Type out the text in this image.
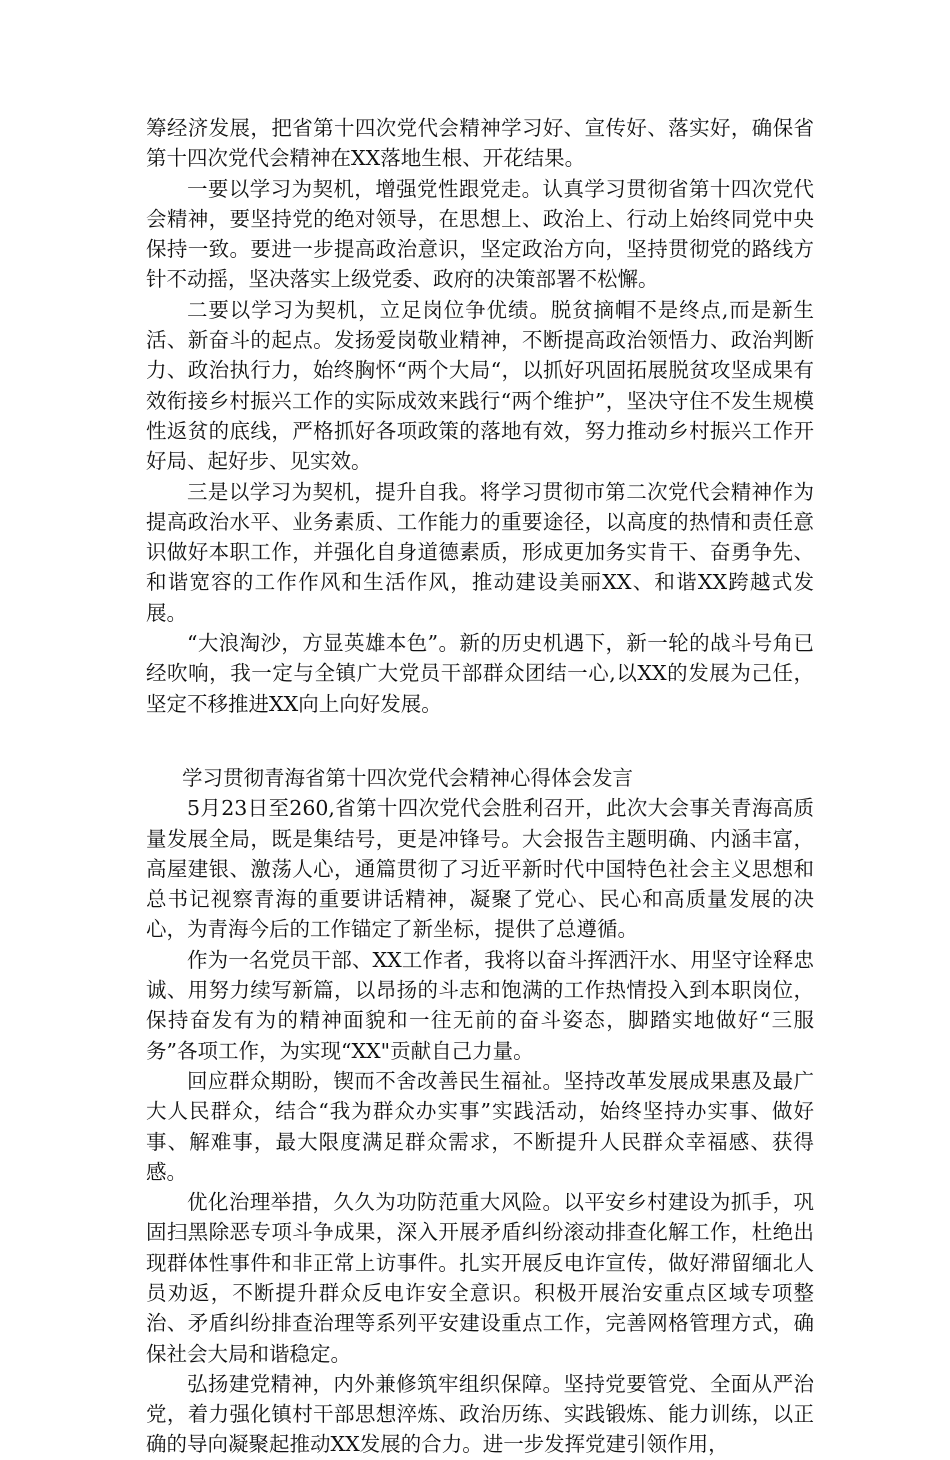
筹经济发展，把省第十四次党代会精神学习好、宣传好、落实好，确保省第十四次党代会精神在XX落地生根、开花结果。

一要以学习为契机，增强党性跟党走。认真学习贯彻省第十四次党代会精神，要坚持党的绝对领导，在思想上、政治上、行动上始终同党中央保持一致。要进一步提高政治意识，坚定政治方向，坚持贯彻党的路线方针不动摇，坚决落实上级党委、政府的决策部署不松懈。

二要以学习为契机，立足岗位争优绩。脱贫摘帽不是终点,而是新生活、新奋斗的起点。发扬爱岗敬业精神，不断提高政治领悟力、政治判断力、政治执行力，始终胸怀“两个大局“，以抓好巩固拓展脱贫攻坚成果有效衔接乡村振兴工作的实际成效来践行“两个维护”，坚决守住不发生规模性返贫的底线，严格抓好各项政策的落地有效，努力推动乡村振兴工作开好局、起好步、见实效。

三是以学习为契机，提升自我。将学习贯彻市第二次党代会精神作为提高政治水平、业务素质、工作能力的重要途径，以高度的热情和责任意识做好本职工作，并强化自身道德素质，形成更加务实肯干、奋勇争先、和谐宽容的工作作风和生活作风，推动建设美丽XX、和谐XX跨越式发展。

“大浪淘沙，方显英雄本色”。新的历史机遇下，新一轮的战斗号角已经吹响，我一定与全镇广大党员干部群众团结一心,以XX的发展为己任，坚定不移推进XX向上向好发展。

学习贯彻青海省第十四次党代会精神心得体会发言

5月23日至260,省第十四次党代会胜利召开，此次大会事关青海高质量发展全局，既是集结号，更是冲锋号。大会报告主题明确、内涵丰富，高屋建银、激荡人心，通篇贯彻了习近平新时代中国特色社会主义思想和总书记视察青海的重要讲话精神，凝聚了党心、民心和高质量发展的决心，为青海今后的工作锚定了新坐标，提供了总遵循。

作为一名党员干部、XX工作者，我将以奋斗挥洒汗水、用坚守诠释忠诚、用努力续写新篇，以昂扬的斗志和饱满的工作热情投入到本职岗位，保持奋发有为的精神面貌和一往无前的奋斗姿态，脚踏实地做好“三服务”各项工作，为实现“XX"贡献自己力量。

回应群众期盼，锲而不舍改善民生福祉。坚持改革发展成果惠及最广大人民群众，结合“我为群众办实事”实践活动，始终坚持办实事、做好事、解难事，最大限度满足群众需求，不断提升人民群众幸福感、获得感。

优化治理举措，久久为功防范重大风险。以平安乡村建设为抓手，巩固扫黑除恶专项斗争成果，深入开展矛盾纠纷滚动排查化解工作，杜绝出现群体性事件和非正常上访事件。扎实开展反电诈宣传，做好滞留缅北人员劝返，不断提升群众反电诈安全意识。积极开展治安重点区域专项整治、矛盾纠纷排查治理等系列平安建设重点工作，完善网格管理方式，确保社会大局和谐稳定。

弘扬建党精神，内外兼修筑牢组织保障。坚持党要管党、全面从严治党，着力强化镇村干部思想淬炼、政治历练、实践锻炼、能力训练，以正确的导向凝聚起推动XX发展的合力。进一步发挥党建引领作用，
